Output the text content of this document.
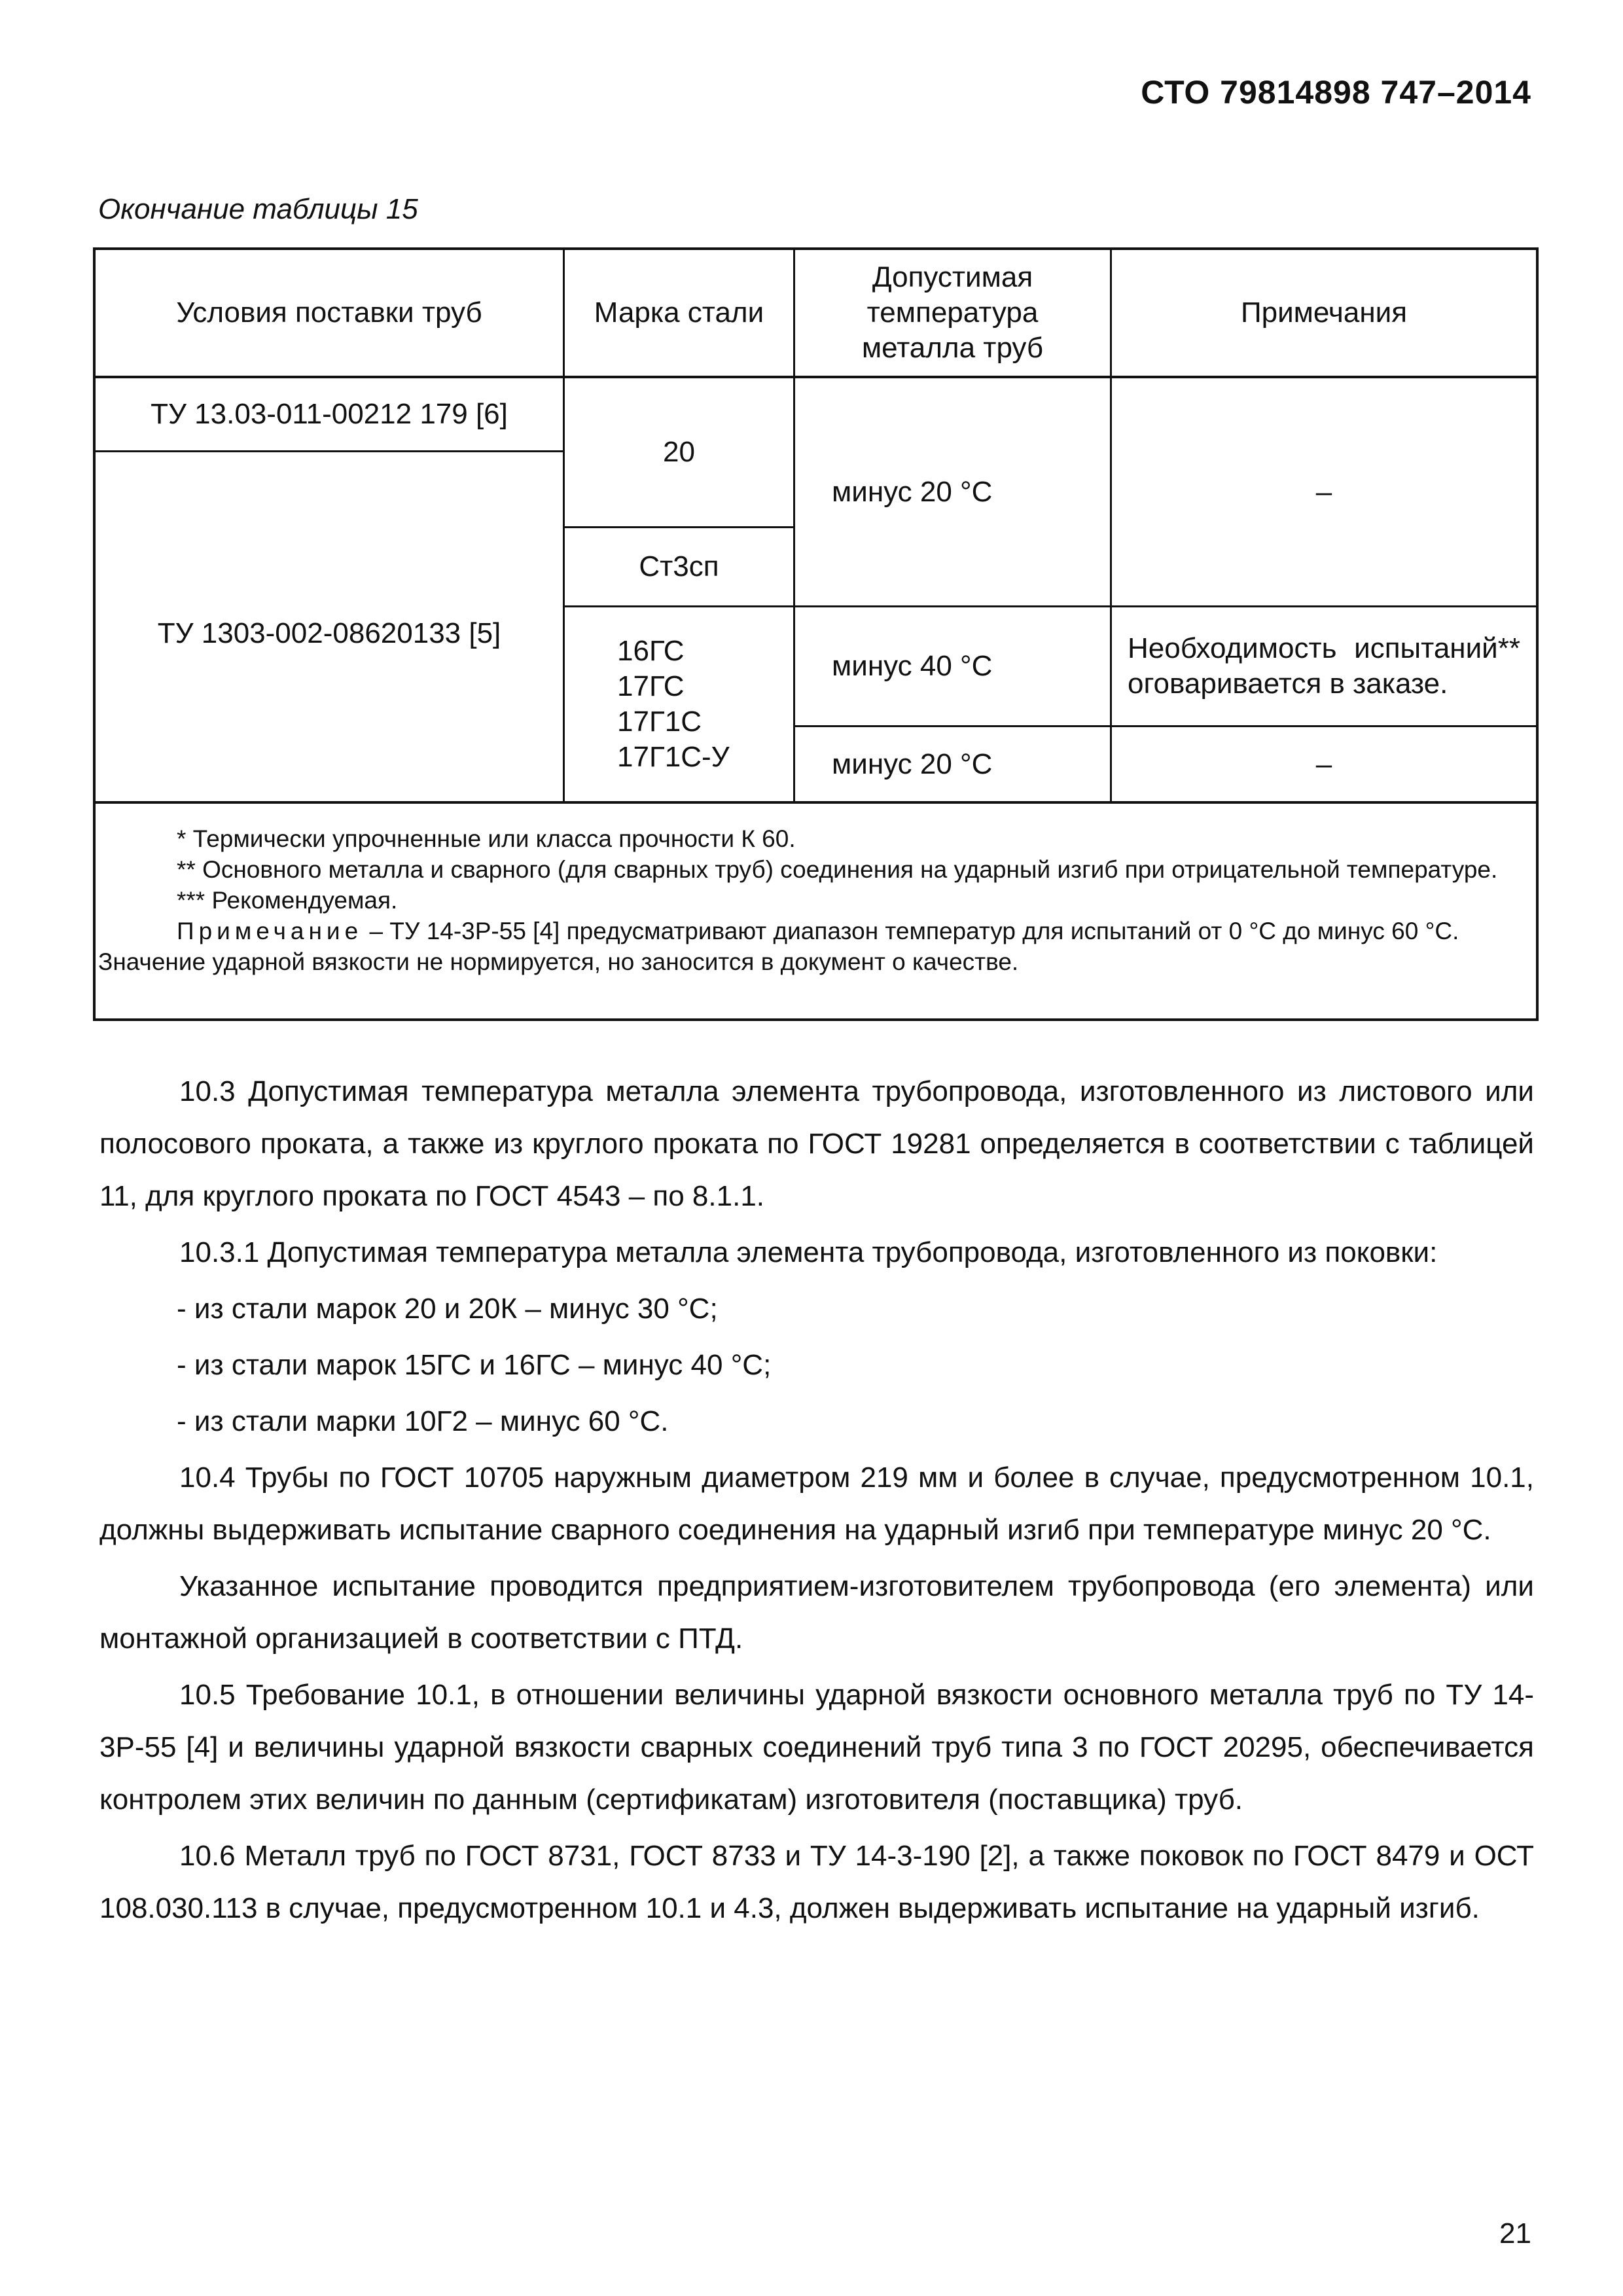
СТО 79814898 747–2014
Окончание таблицы 15
Условия поставки труб	Марка стали
Допустимая температура металла труб
Примечания
ТУ 13.03-011-00212 179 [6]
ТУ 1303-002-08620133 [5]
20
Ст3сп
16ГС 17ГС 17Г1С 17Г1С-У
минус 20 °С
минус 40 °С
минус 20 °С
–
Необходимость испытаний** оговаривается в заказе.
–
* Термически упрочненные или класса прочности К 60.
** Основного металла и сварного (для сварных труб) соединения на ударный изгиб при отрицательной температуре.
*** Рекомендуемая.
Примечание – ТУ 14-3Р-55 [4] предусматривают диапазон температур для испытаний от 0 °С до минус 60 °С. Значение ударной вязкости не нормируется, но заносится в документ о качестве.

10.3 Допустимая температура металла элемента трубопровода, изготовленного из листового или полосового проката, а также из круглого проката по ГОСТ 19281 определяется в соответствии с таблицей 11, для круглого проката по ГОСТ 4543 – по 8.1.1.

10.3.1 Допустимая температура металла элемента трубопровода, изготовленного из поковки:

- из стали марок 20 и 20К – минус 30 °С;

- из стали марок 15ГС и 16ГС – минус 40 °С;

- из стали марки 10Г2 – минус 60 °С.

10.4 Трубы по ГОСТ 10705 наружным диаметром 219 мм и более в случае, предусмотренном 10.1, должны выдерживать испытание сварного соединения на ударный изгиб при температуре минус 20 °С.

Указанное испытание проводится предприятием-изготовителем трубопровода (его элемента) или монтажной организацией в соответствии с ПТД.

10.5 Требование 10.1, в отношении величины ударной вязкости основного металла труб по ТУ 14-3Р-55 [4] и величины ударной вязкости сварных соединений труб типа 3 по ГОСТ 20295, обеспечивается контролем этих величин по данным (сертификатам) изготовителя (поставщика) труб.

10.6 Металл труб по ГОСТ 8731, ГОСТ 8733 и ТУ 14-3-190 [2], а также поковок по ГОСТ 8479 и ОСТ 108.030.113 в случае, предусмотренном 10.1 и 4.3, должен выдерживать испытание на ударный изгиб.

21
